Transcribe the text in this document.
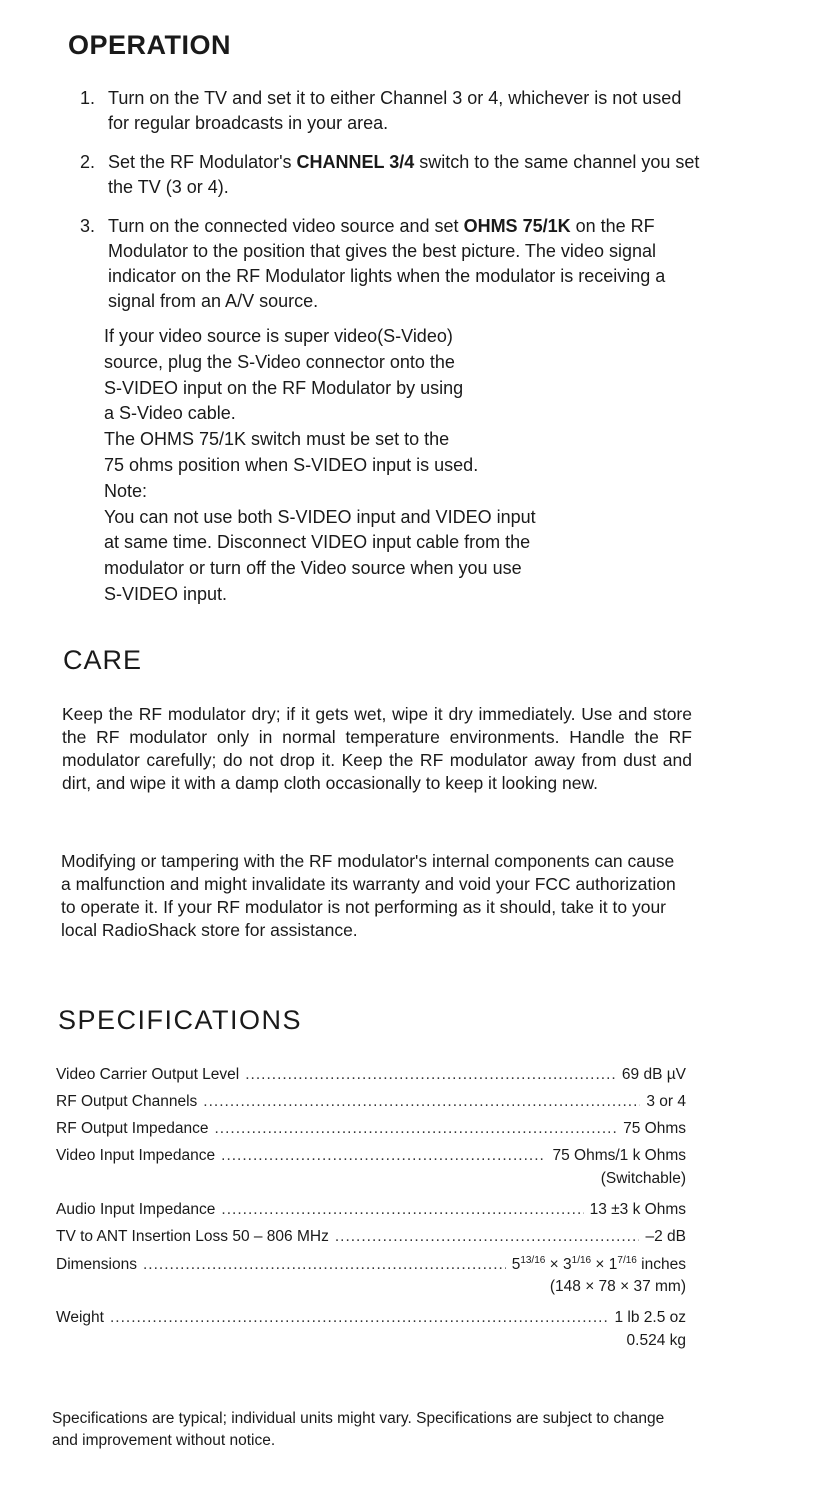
OPERATION
1. Turn on the TV and set it to either Channel 3 or 4, whichever is not used for regular broadcasts in your area.
2. Set the RF Modulator's CHANNEL 3/4 switch to the same channel you set the TV (3 or 4).
3. Turn on the connected video source and set OHMS 75/1K on the RF Modulator to the position that gives the best picture. The video signal indicator on the RF Modulator lights when the modulator is receiving a signal from an A/V source.

If your video source is super video(S-Video)

source, plug the S-Video connector onto the

S-VIDEO input on the RF Modulator by using

a S-Video cable.

The OHMS 75/1K switch must be set to the

75 ohms position when S-VIDEO input is used.

Note:

You can not use both S-VIDEO input and VIDEO input

at same time. Disconnect VIDEO input cable from the

modulator or turn off the Video source when you use

S-VIDEO input.

CARE

Keep the RF modulator dry; if it gets wet, wipe it dry immediately. Use and store the RF modulator only in normal temperature environments. Handle the RF modulator carefully; do not drop it. Keep the RF modulator away from dust and dirt, and wipe it with a damp cloth occasionally to keep it looking new.

Modifying or tampering with the RF modulator's internal components can cause a malfunction and might invalidate its warranty and void your FCC authorization to operate it. If your RF modulator is not performing as it should, take it to your local RadioShack store for assistance.

SPECIFICATIONS
Video Carrier Output Level .....	69 dB µV
RF Output Channels .....	3 or 4
RF Output Impedance .....	75 Ohms
Video Input Impedance .....	75 Ohms/1 k Ohms
(Switchable)
Audio Input Impedance .....	13 ±3 k Ohms
TV to ANT Insertion Loss 50 – 806 MHz .....	–2 dB
Dimensions .....	$5^{13/16} \times 3^{1/16} \times 1^{7/16}$ inches
(148 × 78 × 37 mm)
Weight .....	1 lb 2.5 oz
0.524 kg

Specifications are typical; individual units might vary. Specifications are subject to change and improvement without notice.
